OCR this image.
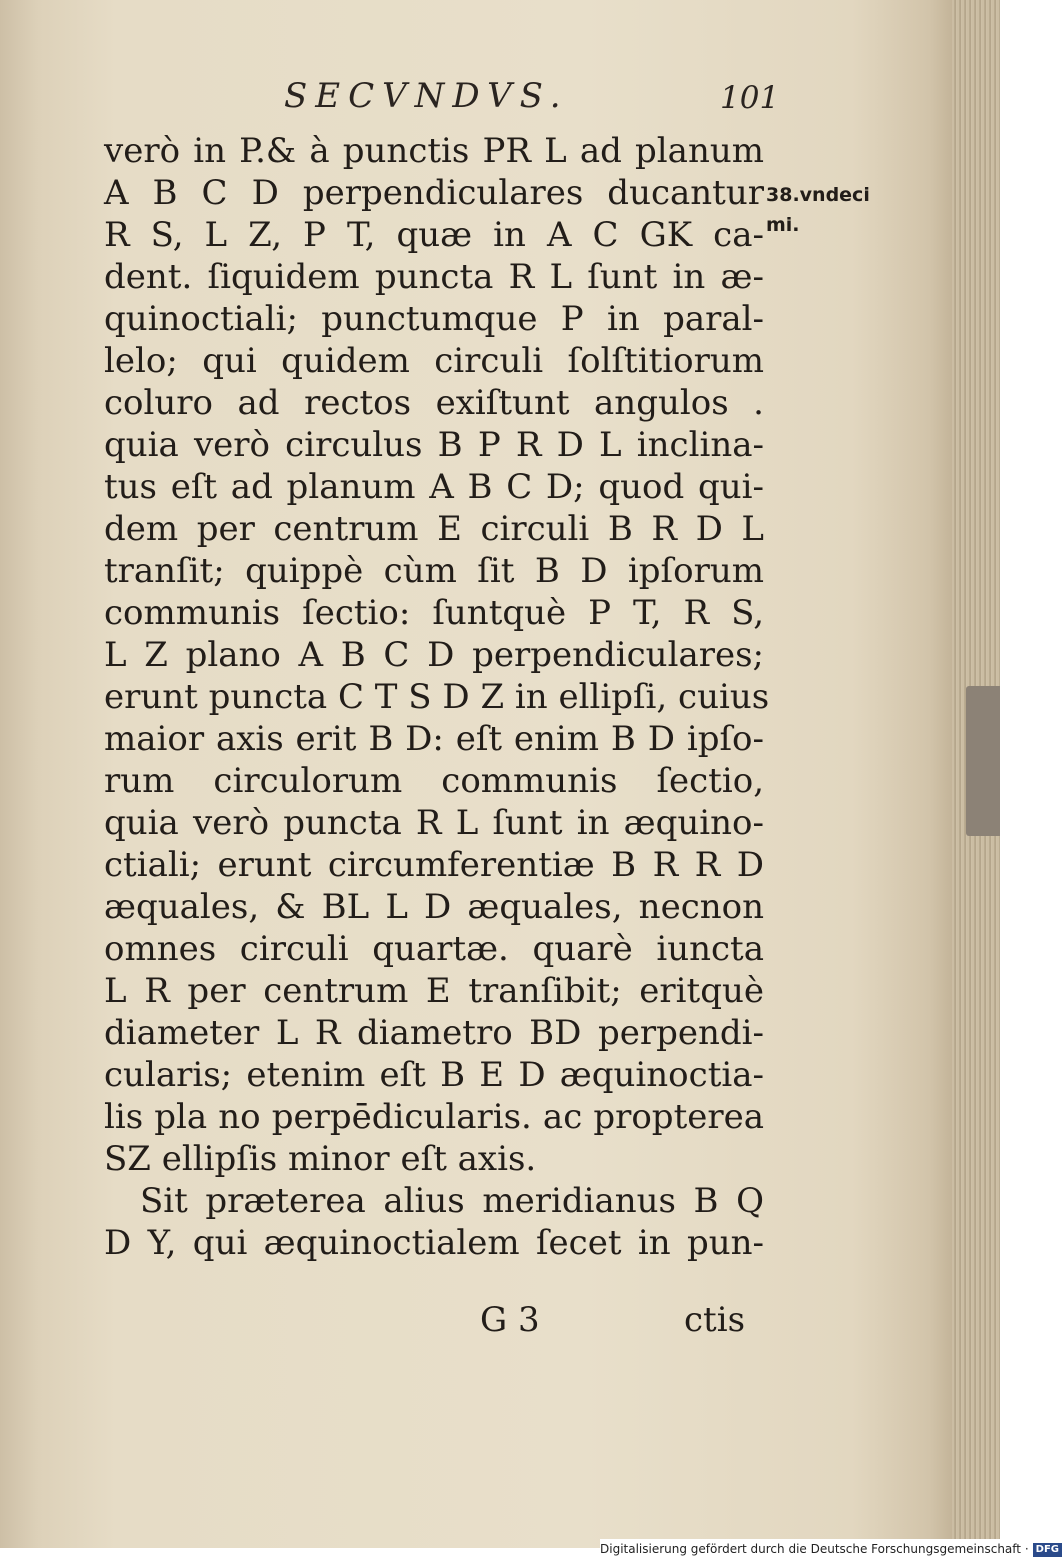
SECVNDVS.	101
verò in P.& à punctis PR L ad planum
A B C D perpendiculares ducantur
R S, L Z, P T, quæ in A C GK ca-
dent. ſiquidem puncta R L ſunt in æ-
quinoctiali; punctumque P in paral-
lelo; qui quidem circuli ſolſtitiorum
coluro ad rectos exiſtunt angulos .
quia verò circulus B P R D L inclina-
tus eſt ad planum A B C D; quod qui-
dem per centrum E circuli B R D L
tranſit; quippè cùm ſit B D ipſorum
communis ſectio: ſuntquè P T, R S,
L Z plano A B C D perpendiculares;
erunt puncta C T S D Z in ellipſi, cuius
maior axis erit B D: eſt enim B D ipſo-
rum circulorum communis ſectio,
quia verò puncta R L ſunt in æquino-
ctiali; erunt circumferentiæ B R R D
æquales, & BL L D æquales, necnon
omnes circuli quartæ. quarè iuncta
L R per centrum E tranſibit; eritquè
diameter L R diametro BD perpendi-
cularis; etenim eſt B E D æquinoctia-
lis pla no perpēdicularis. ac propterea
SZ ellipſis minor eſt axis.
Sit præterea alius meridianus B Q
D Y, qui æquinoctialem ſecet in pun-
38.vndeci
mi.
G 3	ctis
Digitalisierung gefördert durch die Deutsche Forschungsgemeinschaft · DFG
